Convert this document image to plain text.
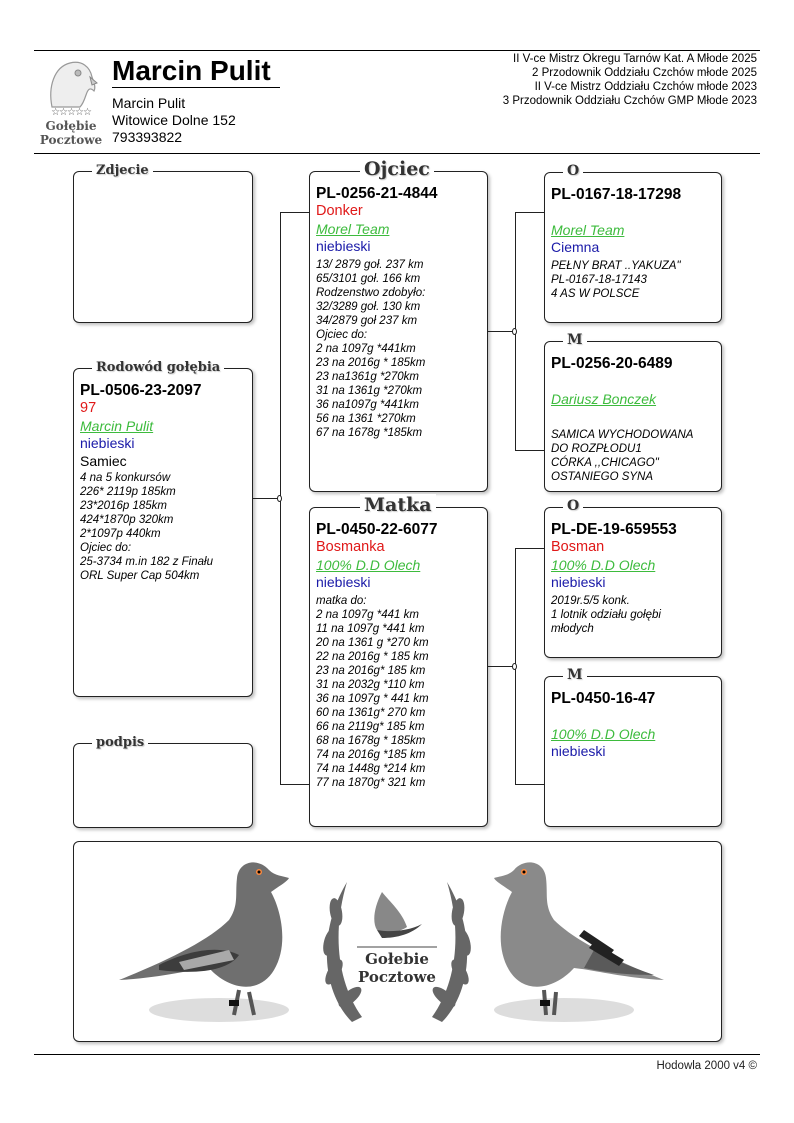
☆☆☆☆☆
Gołębie
Pocztowe
Marcin Pulit
Marcin Pulit
Witowice Dolne 152
793393822
II V-ce Mistrz Okregu Tarnów Kat. A Młode 2025
2 Przodownik Oddziału Czchów młode 2025
II V-ce Mistrz Oddziału Czchów młode 2023
3 Przodownik Oddziału Czchów GMP Młode 2023
Zdjecie
Rodowód gołębia
PL-0506-23-2097
97
Marcin Pulit
niebieski
Samiec
4 na 5 konkursów
226* 2119p 185km
23*2016p 185km
424*1870p 320km
2*1097p 440km
Ojciec do:
25-3734 m.in 182 z Finału
ORL Super Cap 504km
podpis
Ojciec
PL-0256-21-4844
Donker
Morel Team
niebieski
13/ 2879 goł. 237 km
65/3101 goł. 166 km
Rodzenstwo zdobyło:
32/3289 goł. 130 km
34/2879 goł 237 km
Ojciec do:
2 na 1097g *441km
23 na 2016g * 185km
23 na1361g *270km
31 na 1361g *270km
36 na1097g *441km
56 na 1361 *270km
67 na 1678g *185km
Matka
PL-0450-22-6077
Bosmanka
100% D.D Olech
niebieski
matka do:
2 na 1097g *441 km
11 na 1097g *441 km
20 na 1361 g *270 km
22 na 2016g * 185 km
23 na 2016g* 185 km
31 na 2032g *110 km
36 na 1097g * 441 km
60 na 1361g* 270 km
66 na 2119g* 185 km
68 na 1678g * 185km
74 na 2016g *185 km
74 na 1448g *214 km
77 na 1870g* 321 km
O
PL-0167-18-17298
Morel Team
Ciemna
PEŁNY BRAT ..YAKUZA"
PL-0167-18-17143
4 AS W POLSCE
M
PL-0256-20-6489
Dariusz Bonczek
SAMICA WYCHODOWANA
DO ROZPŁODU1
CÓRKA ,,CHICAGO"
OSTANIEGO SYNA
O
PL-DE-19-659553
Bosman
100% D.D Olech
niebieski
2019r.5/5 konk.
1 lotnik odziału gołębi
młodych
M
PL-0450-16-47
100% D.D Olech
niebieski
Gołebie
Pocztowe
Hodowla 2000 v4 ©
